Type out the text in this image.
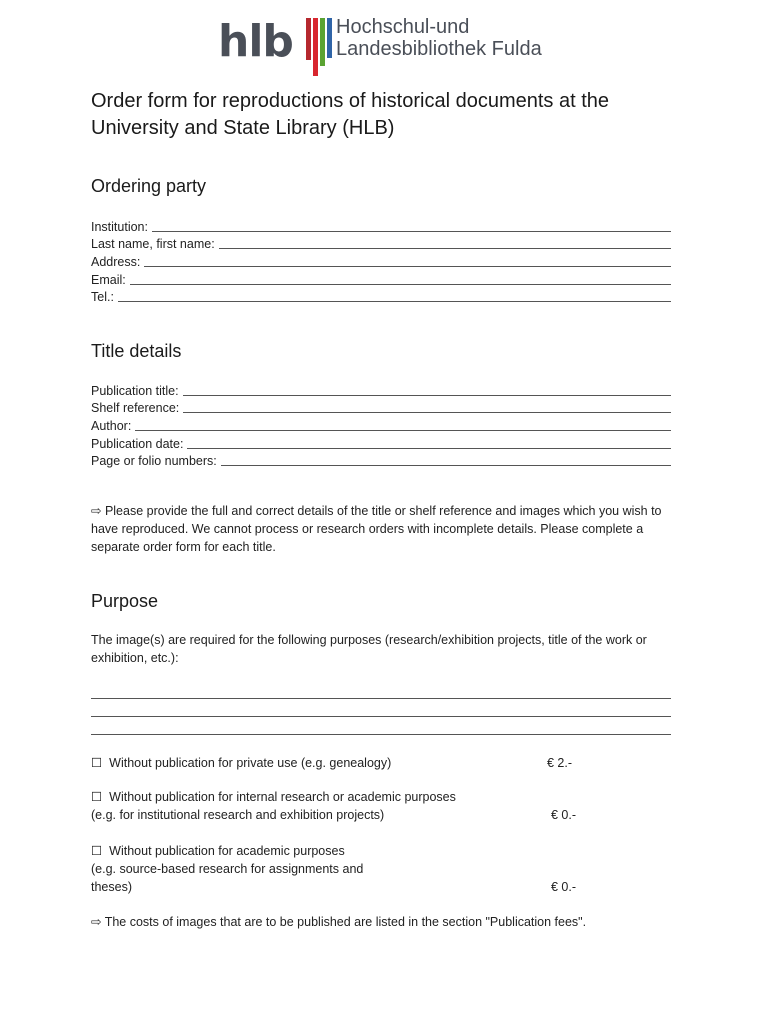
hlb Hochschul-und
Landesbibliothek Fulda
Order form for reproductions of historical documents at the University and State Library (HLB)
Ordering party
Institution:
Last name, first name:
Address:
Email:
Tel.:
Title details
Publication title:
Shelf reference:
Author:
Publication date:
Page or folio numbers:
⇨ Please provide the full and correct details of the title or shelf reference and images which you wish to have reproduced. We cannot process or research orders with incomplete details. Please complete a separate order form for each title.
Purpose
The image(s) are required for the following purposes (research/exhibition projects, title of the work or exhibition, etc.):
☐ Without publication for private use (e.g. genealogy)	€ 2.-
☐ Without publication for internal research or academic purposes
(e.g. for institutional research and exhibition projects)	€ 0.-
☐ Without publication for academic purposes
(e.g. source-based research for assignments and
theses)	€ 0.-
⇨ The costs of images that are to be published are listed in the section "Publication fees".
